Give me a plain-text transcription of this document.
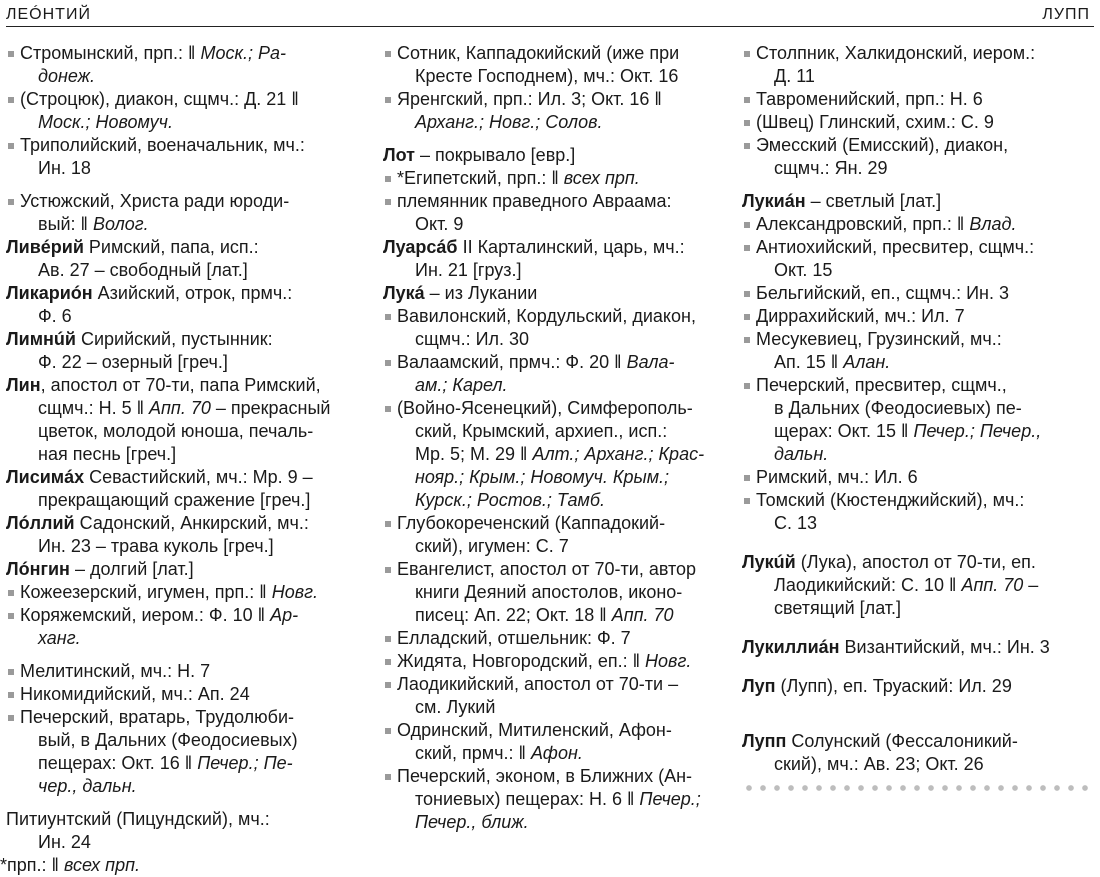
ЛЕÓНТИЙ	ЛУПП

Стромынский, прп.: ‖ Моск.; Ра-
донеж.

(Строцюк), диакон, сщмч.: Д. 21 ‖
Моск.; Новомуч.

Триполийский, военачальник, мч.:
Ин. 18

Устюжский, Христа ради юроди-
вый: ‖ Волог.

Ливéрий Римский, папа, исп.:
Ав. 27 – свободный [лат.]

Ликариóн Азийский, отрок, прмч.:
Ф. 6

Лимнúй Сирийский, пустынник:
Ф. 22 – озерный [греч.]

Лин, апостол от 70-ти, папа Римский,
сщмч.: Н. 5 ‖ Апп. 70 – прекрасный
цветок, молодой юноша, печаль-
ная песнь [греч.]

Лисимáх Севастийский, мч.: Мр. 9 –
прекращающий сражение [греч.]

Лóллий Садонский, Анкирский, мч.:
Ин. 23 – трава куколь [греч.]

Лóнгин – долгий [лат.]

Кожеезерский, игумен, прп.: ‖ Новг.

Коряжемский, иером.: Ф. 10 ‖ Ар-
ханг.

Мелитинский, мч.: Н. 7

Никомидийский, мч.: Ап. 24

Печерский, вратарь, Трудолюби-
вый, в Дальних (Феодосиевых)
пещерах: Окт. 16 ‖ Печер.; Пе-
чер., дальн.

Питиунтский (Пицундский), мч.:
Ин. 24

*прп.: ‖ всех прп.

Сотник, Каппадокийский (иже при
Кресте Господнем), мч.: Окт. 16

Яренгский, прп.: Ил. 3; Окт. 16 ‖
Арханг.; Новг.; Солов.

Лот – покрывало [евр.]

*Египетский, прп.: ‖ всех прп.

племянник праведного Авраама:
Окт. 9

Луарсáб II Карталинский, царь, мч.:
Ин. 21 [груз.]

Лукá – из Лукании

Вавилонский, Кордульский, диакон,
сщмч.: Ил. 30

Валаамский, прмч.: Ф. 20 ‖ Вала-
ам.; Карел.

(Войно-Ясенецкий), Симферополь-
ский, Крымский, архиеп., исп.:
Мр. 5; М. 29 ‖ Алт.; Арханг.; Крас-
нояр.; Крым.; Новомуч. Крым.;
Курск.; Ростов.; Тамб.

Глубокореченский (Каппадокий-
ский), игумен: С. 7

Евангелист, апостол от 70-ти, автор
книги Деяний апостолов, иконо-
писец: Ап. 22; Окт. 18 ‖ Апп. 70

Елладский, отшельник: Ф. 7

Жидята, Новгородский, еп.: ‖ Новг.

Лаодикийский, апостол от 70-ти –
см. Лукий

Одринский, Митиленский, Афон-
ский, прмч.: ‖ Афон.

Печерский, эконом, в Ближних (Ан-
тониевых) пещерах: Н. 6 ‖ Печер.;
Печер., ближ.

Столпник, Халкидонский, иером.:
Д. 11

Тавроменийский, прп.: Н. 6

(Швец) Глинский, схим.: С. 9

Эмесский (Емисский), диакон,
сщмч.: Ян. 29

Лукиáн – светлый [лат.]

Александровский, прп.: ‖ Влад.

Антиохийский, пресвитер, сщмч.:
Окт. 15

Бельгийский, еп., сщмч.: Ин. 3

Диррахийский, мч.: Ил. 7

Месукевиец, Грузинский, мч.:
Ап. 15 ‖ Алан.

Печерский, пресвитер, сщмч.,
в Дальних (Феодосиевых) пе-
щерах: Окт. 15 ‖ Печер.; Печер.,
дальн.

Римский, мч.: Ил. 6

Томский (Кюстенджийский), мч.:
С. 13

Лукúй (Лука), апостол от 70-ти, еп.
Лаодикийский: С. 10 ‖ Апп. 70 –
светящий [лат.]

Лукиллиáн Византийский, мч.: Ин. 3

Луп (Лупп), еп. Труаский: Ил. 29

Лупп Солунский (Фессалоникий-
ский), мч.: Ав. 23; Окт. 26
